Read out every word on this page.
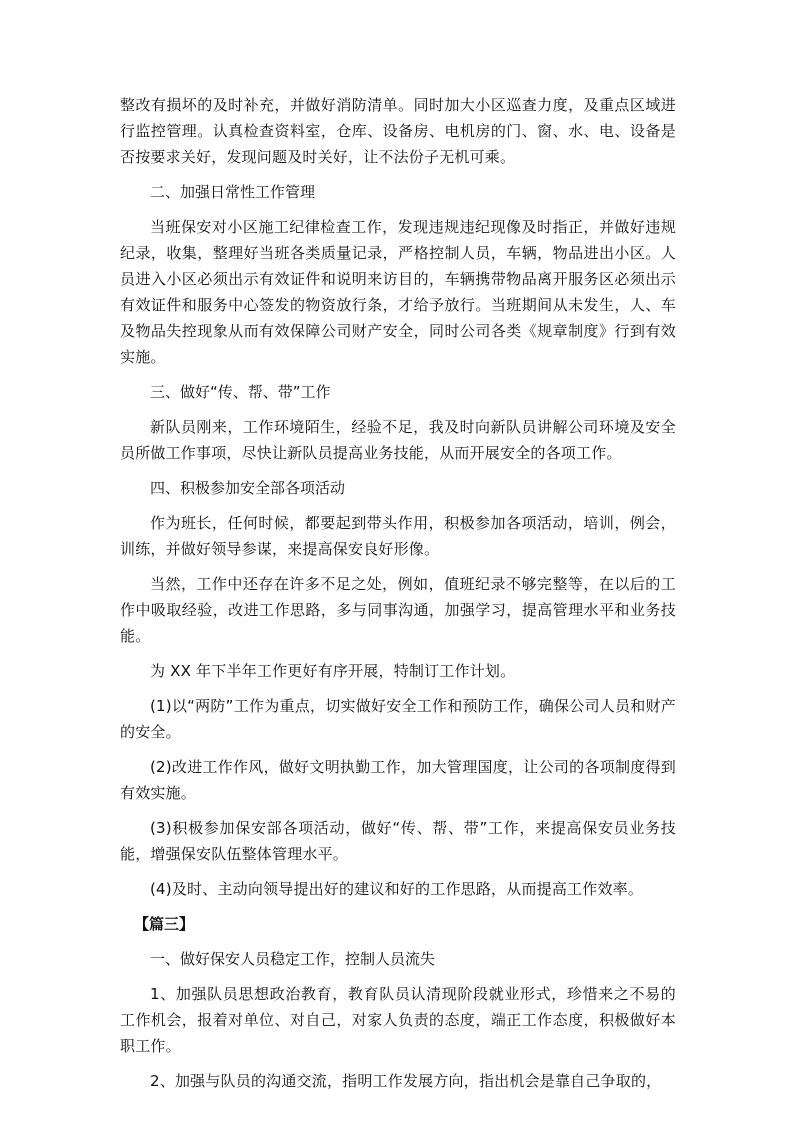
整改有损坏的及时补充，并做好消防清单。同时加大小区巡查力度，及重点区域进行监控管理。认真检查资料室，仓库、设备房、电机房的门、窗、水、电、设备是否按要求关好，发现问题及时关好，让不法份子无机可乘。

二、加强日常性工作管理

当班保安对小区施工纪律检查工作，发现违规违纪现像及时指正，并做好违规纪录，收集，整理好当班各类质量记录，严格控制人员，车辆，物品进出小区。人员进入小区必须出示有效证件和说明来访目的，车辆携带物品离开服务区必须出示有效证件和服务中心签发的物资放行条，才给予放行。当班期间从未发生，人、车及物品失控现象从而有效保障公司财产安全，同时公司各类《规章制度》行到有效实施。

三、做好“传、帮、带”工作

新队员刚来，工作环境陌生，经验不足，我及时向新队员讲解公司环境及安全员所做工作事项，尽快让新队员提高业务技能，从而开展安全的各项工作。

四、积极参加安全部各项活动

作为班长，任何时候，都要起到带头作用，积极参加各项活动，培训，例会，训练，并做好领导参谋，来提高保安良好形像。

当然，工作中还存在许多不足之处，例如，值班纪录不够完整等，在以后的工作中吸取经验，改进工作思路，多与同事沟通，加强学习，提高管理水平和业务技能。

为 XX 年下半年工作更好有序开展，特制订工作计划。

(1)以“两防”工作为重点，切实做好安全工作和预防工作，确保公司人员和财产的安全。

(2)改进工作作风，做好文明执勤工作，加大管理国度，让公司的各项制度得到有效实施。

(3)积极参加保安部各项活动，做好“传、帮、带”工作，来提高保安员业务技能，增强保安队伍整体管理水平。

(4)及时、主动向领导提出好的建议和好的工作思路，从而提高工作效率。

【篇三】

一、做好保安人员稳定工作，控制人员流失

1、加强队员思想政治教育，教育队员认清现阶段就业形式，珍惜来之不易的工作机会，报着对单位、对自己，对家人负责的态度，端正工作态度，积极做好本职工作。

2、加强与队员的沟通交流，指明工作发展方向，指出机会是靠自己争取的，
